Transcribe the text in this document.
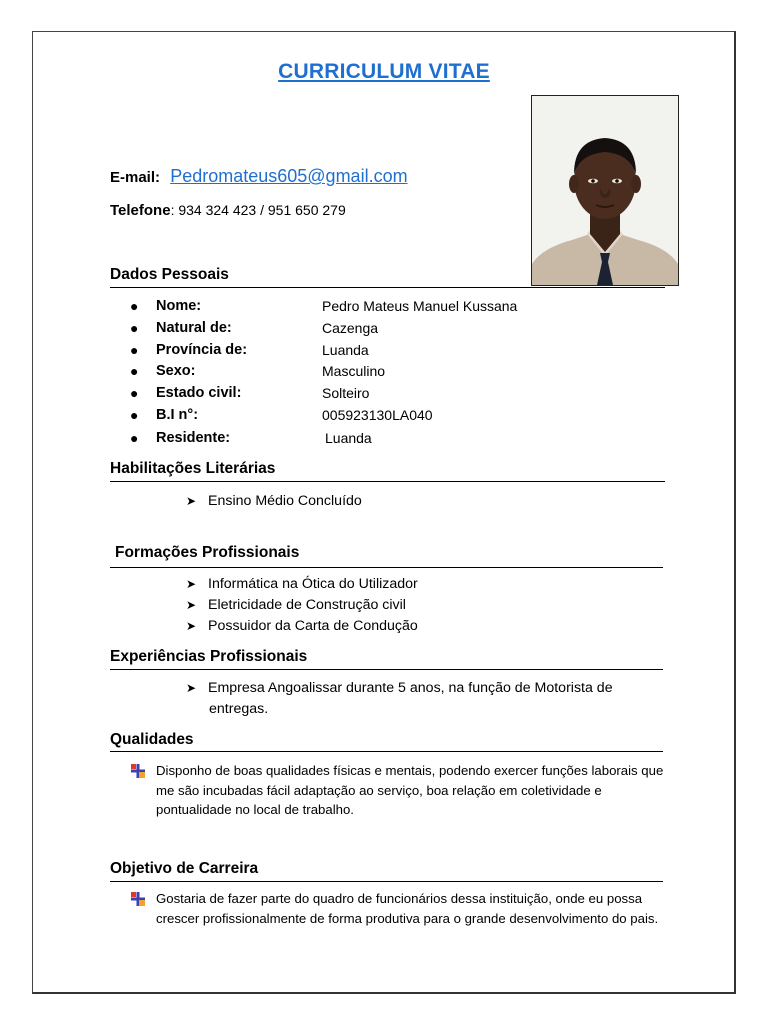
CURRICULUM VITAE
E-mail: Pedromateus605@gmail.com
Telefone: 934 324 423 / 951 650 279
Dados Pessoais
● Nome:	Pedro Mateus Manuel Kussana
● Natural de:	Cazenga
● Província de:	Luanda
● Sexo:	Masculino
● Estado civil:	Solteiro
● B.I n°:	005923130LA040
● Residente:	Luanda
Habilitações Literárias
➤ Ensino Médio Concluído
Formações Profissionais
➤ Informática na Ótica do Utilizador
➤ Eletricidade de Construção civil
➤ Possuidor da Carta de Condução
Experiências Profissionais
➤ Empresa Angoalissar durante 5 anos, na função de Motorista de
entregas.
Qualidades
Disponho de boas qualidades físicas e mentais, podendo exercer funções laborais que me são incubadas fácil adaptação ao serviço, boa relação em coletividade e pontualidade no local de trabalho.
Objetivo de Carreira
Gostaria de fazer parte do quadro de funcionários dessa instituição, onde eu possa crescer profissionalmente de forma produtiva para o grande desenvolvimento do pais.
